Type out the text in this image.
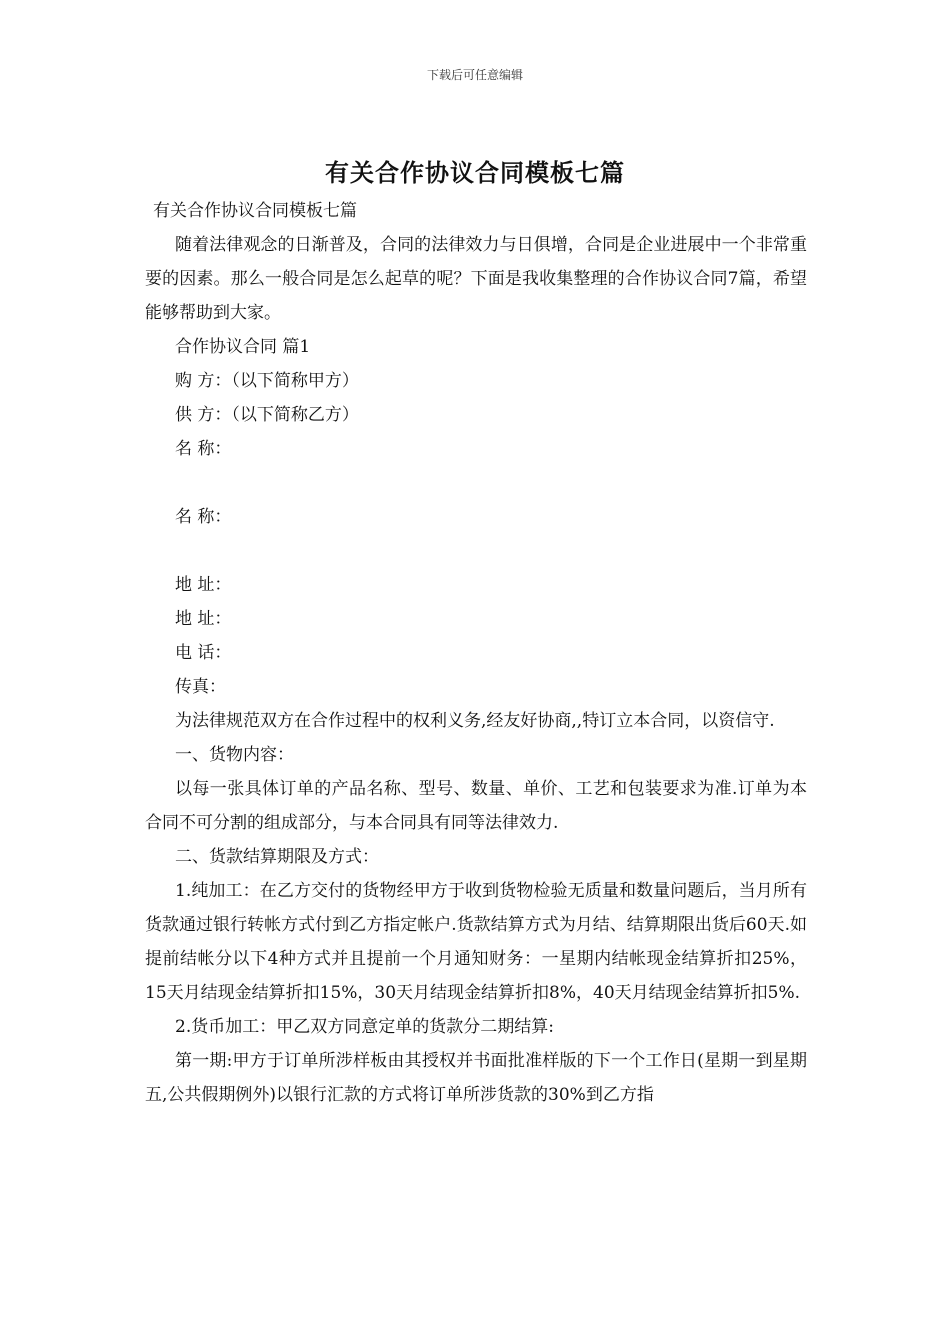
下载后可任意编辑
有关合作协议合同模板七篇

有关合作协议合同模板七篇

随着法律观念的日渐普及，合同的法律效力与日俱增，合同是企业进展中一个非常重要的因素。那么一般合同是怎么起草的呢？下面是我收集整理的合作协议合同7篇，希望能够帮助到大家。

合作协议合同 篇1

购 方：（以下简称甲方）

供 方：（以下简称乙方）

名 称：

名 称：

地 址：

地 址：

电 话：

传真：

为法律规范双方在合作过程中的权利义务,经友好协商,,特订立本合同，以资信守.

一、货物内容：

以每一张具体订单的产品名称、型号、数量、单价、工艺和包装要求为准.订单为本合同不可分割的组成部分，与本合同具有同等法律效力.

二、货款结算期限及方式：

1.纯加工：在乙方交付的货物经甲方于收到货物检验无质量和数量问题后，当月所有货款通过银行转帐方式付到乙方指定帐户.货款结算方式为月结、结算期限出货后60天.如提前结帐分以下4种方式并且提前一个月通知财务：一星期内结帐现金结算折扣25%，15天月结现金结算折扣15%，30天月结现金结算折扣8%，40天月结现金结算折扣5%.

2.货币加工：甲乙双方同意定单的货款分二期结算:

第一期:甲方于订单所涉样板由其授权并书面批准样版的下一个工作日(星期一到星期五,公共假期例外)以银行汇款的方式将订单所涉货款的30%到乙方指
